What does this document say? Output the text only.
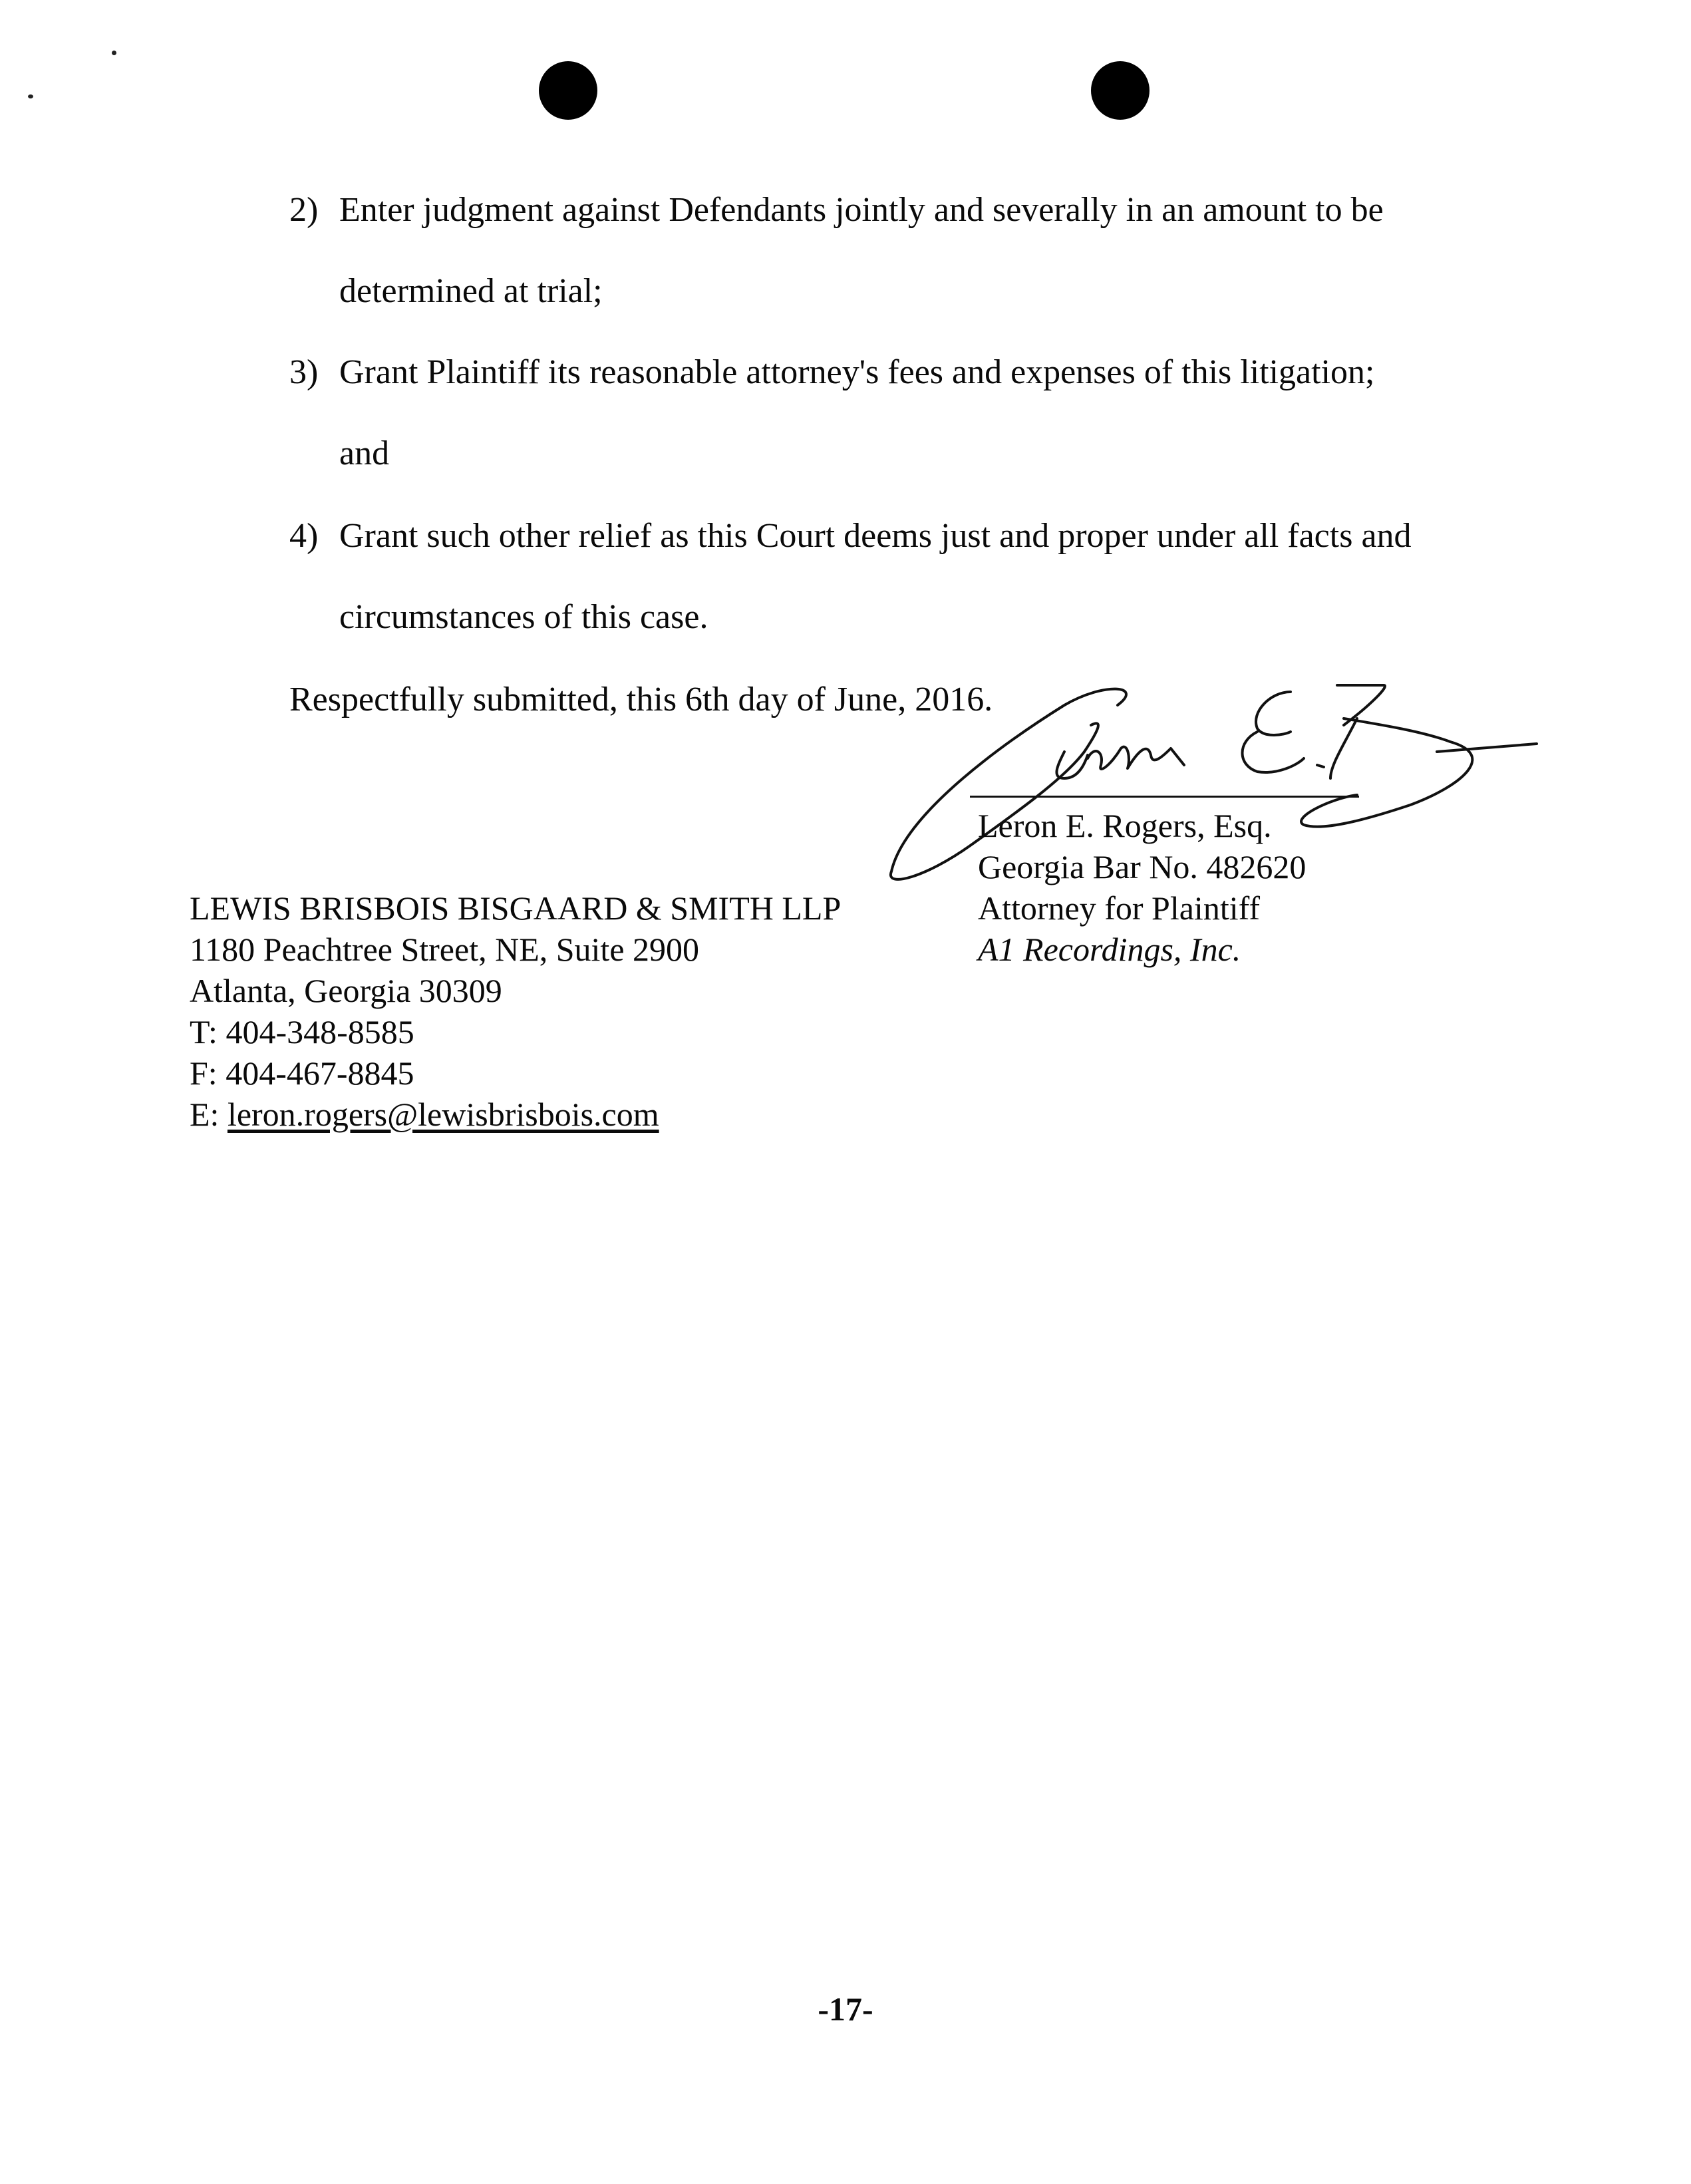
2) Enter judgment against Defendants jointly and severally in an amount to be
determined at trial;
3) Grant Plaintiff its reasonable attorney's fees and expenses of this litigation;
and
4) Grant such other relief as this Court deems just and proper under all facts and
circumstances of this case.
Respectfully submitted, this 6th day of June, 2016.
Leron E. Rogers, Esq.
Georgia Bar No. 482620
Attorney for Plaintiff
A1 Recordings, Inc.
LEWIS BRISBOIS BISGAARD & SMITH LLP
1180 Peachtree Street, NE, Suite 2900
Atlanta, Georgia 30309
T: 404-348-8585
F: 404-467-8845
E: leron.rogers@lewisbrisbois.com
-17-
